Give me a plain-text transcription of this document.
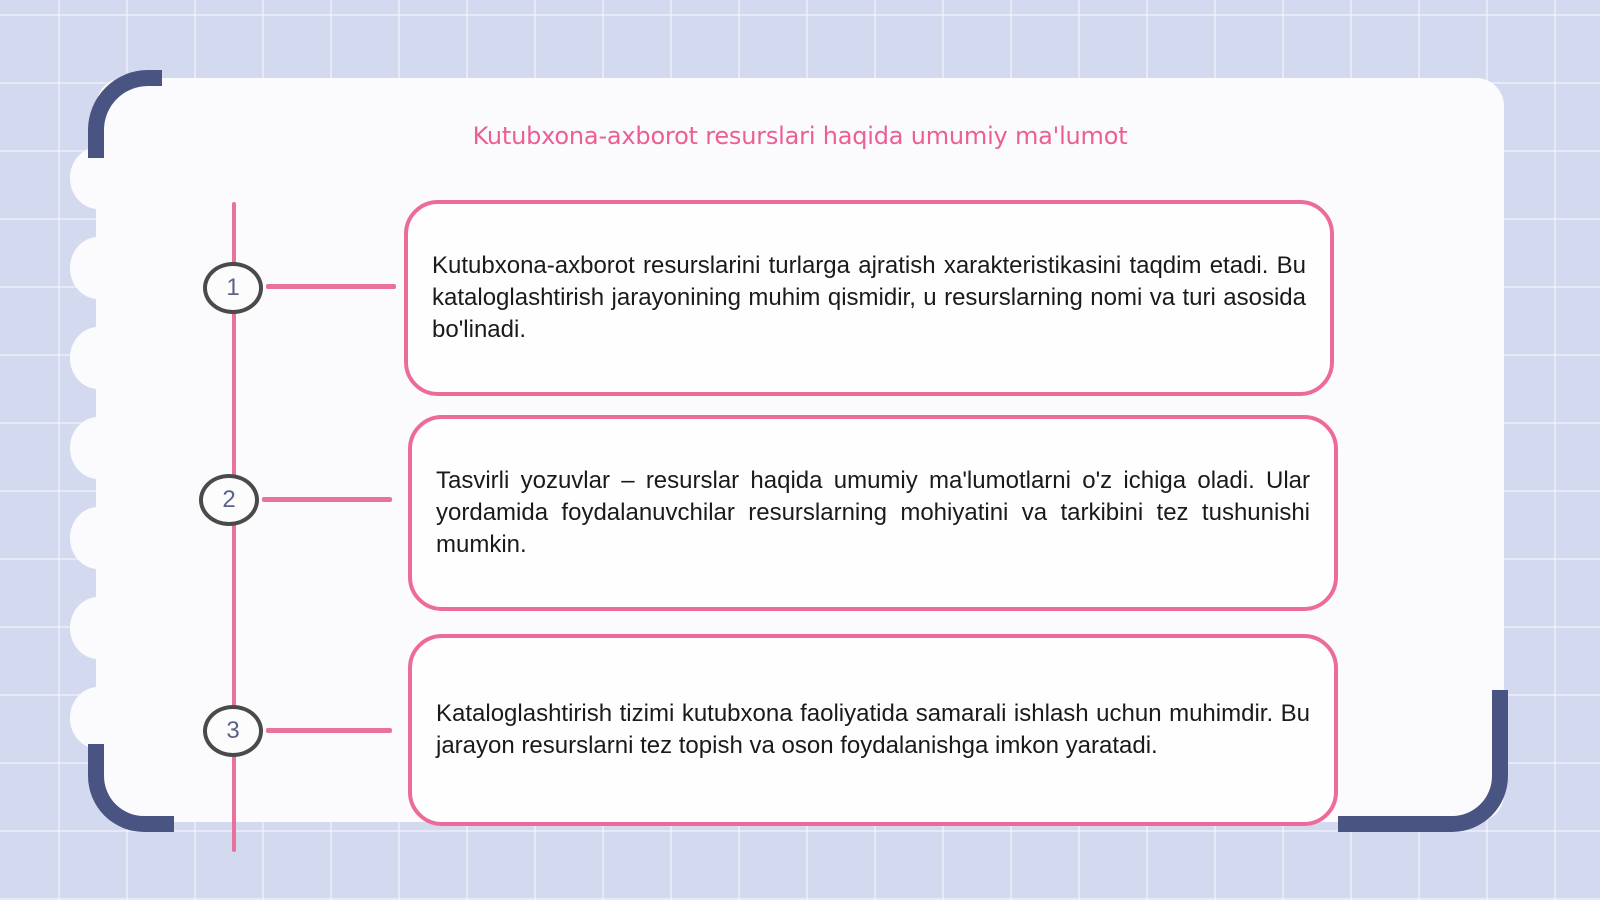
Kutubxona-axborot resurslari haqida umumiy ma'lumot
1

Kutubxona-axborot resurslarini turlarga ajratish xarakteristikasini taqdim etadi. Bu kataloglashtirish jarayonining muhim qismidir, u resurslarning nomi va turi asosida bo'linadi.

2

Tasvirli yozuvlar – resurslar haqida umumiy ma'lumotlarni o'z ichiga oladi. Ular yordamida foydalanuvchilar resurslarning mohiyatini va tarkibini tez tushunishi mumkin.

3

Kataloglashtirish tizimi kutubxona faoliyatida samarali ishlash uchun muhimdir. Bu jarayon resurslarni tez topish va oson foydalanishga imkon yaratadi.
